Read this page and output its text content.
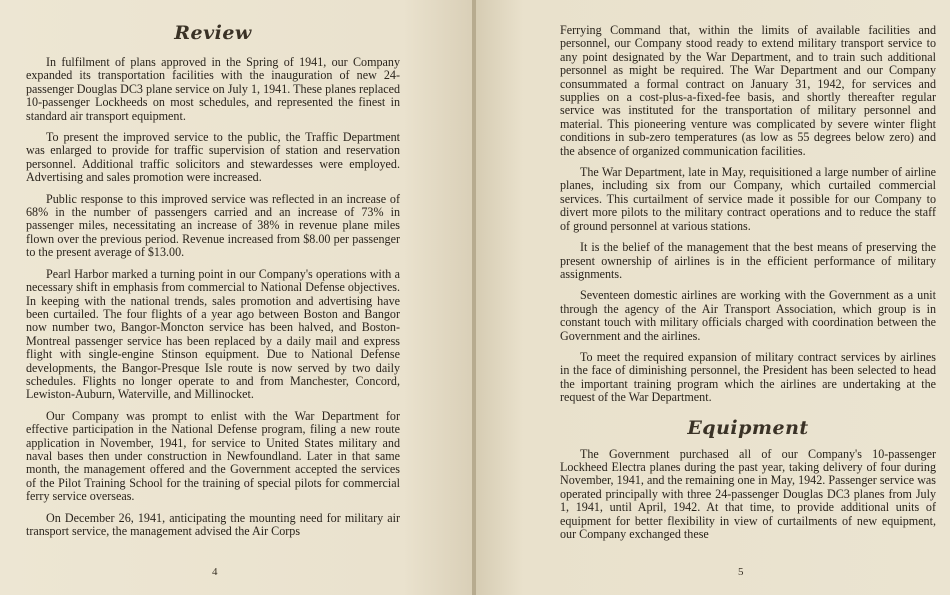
Review

In fulfilment of plans approved in the Spring of 1941, our Company expanded its transportation facilities with the inauguration of new 24-passenger Douglas DC3 plane service on July 1, 1941. These planes replaced 10-passenger Lockheeds on most schedules, and represented the finest in standard air transport equipment.

To present the improved service to the public, the Traffic Department was enlarged to provide for traffic supervision of station and reservation personnel. Additional traffic solicitors and stewardesses were employed. Advertising and sales promotion were increased.

Public response to this improved service was reflected in an increase of 68% in the number of passengers carried and an increase of 73% in passenger miles, necessitating an increase of 38% in revenue plane miles flown over the previous period. Revenue increased from $8.00 per passenger to the present average of $13.00.

Pearl Harbor marked a turning point in our Company's operations with a necessary shift in emphasis from commercial to National Defense objectives. In keeping with the national trends, sales promotion and advertising have been curtailed. The four flights of a year ago between Boston and Bangor now number two, Bangor-Moncton service has been halved, and Boston-Montreal passenger service has been replaced by a daily mail and express flight with single-engine Stinson equipment. Due to National Defense developments, the Bangor-Presque Isle route is now served by two daily schedules. Flights no longer operate to and from Manchester, Concord, Lewiston-Auburn, Waterville, and Millinocket.

Our Company was prompt to enlist with the War Department for effective participation in the National Defense program, filing a new route application in November, 1941, for service to United States military and naval bases then under construction in Newfoundland. Later in that same month, the management offered and the Government accepted the services of the Pilot Training School for the training of special pilots for commercial ferry service overseas.

On December 26, 1941, anticipating the mounting need for military air transport service, the management advised the Air Corps

4

Ferrying Command that, within the limits of available facilities and personnel, our Company stood ready to extend military transport service to any point designated by the War Department, and to train such additional personnel as might be required. The War Department and our Company consummated a formal contract on January 31, 1942, for services and supplies on a cost-plus-a-fixed-fee basis, and shortly thereafter regular service was instituted for the transportation of military personnel and material. This pioneering venture was complicated by severe winter flight conditions in sub-zero temperatures (as low as 55 degrees below zero) and the absence of organized communication facilities.

The War Department, late in May, requisitioned a large number of airline planes, including six from our Company, which curtailed commercial services. This curtailment of service made it possible for our Company to divert more pilots to the military contract operations and to reduce the staff of ground personnel at various stations.

It is the belief of the management that the best means of preserving the present ownership of airlines is in the efficient performance of military assignments.

Seventeen domestic airlines are working with the Government as a unit through the agency of the Air Transport Association, which group is in constant touch with military officials charged with coordination between the Government and the airlines.

To meet the required expansion of military contract services by airlines in the face of diminishing personnel, the President has been selected to head the important training program which the airlines are undertaking at the request of the War Department.

Equipment

The Government purchased all of our Company's 10-passenger Lockheed Electra planes during the past year, taking delivery of four during November, 1941, and the remaining one in May, 1942. Passenger service was operated principally with three 24-passenger Douglas DC3 planes from July 1, 1941, until April, 1942. At that time, to provide additional units of equipment for better flexibility in view of curtailments of new equipment, our Company exchanged these

5
